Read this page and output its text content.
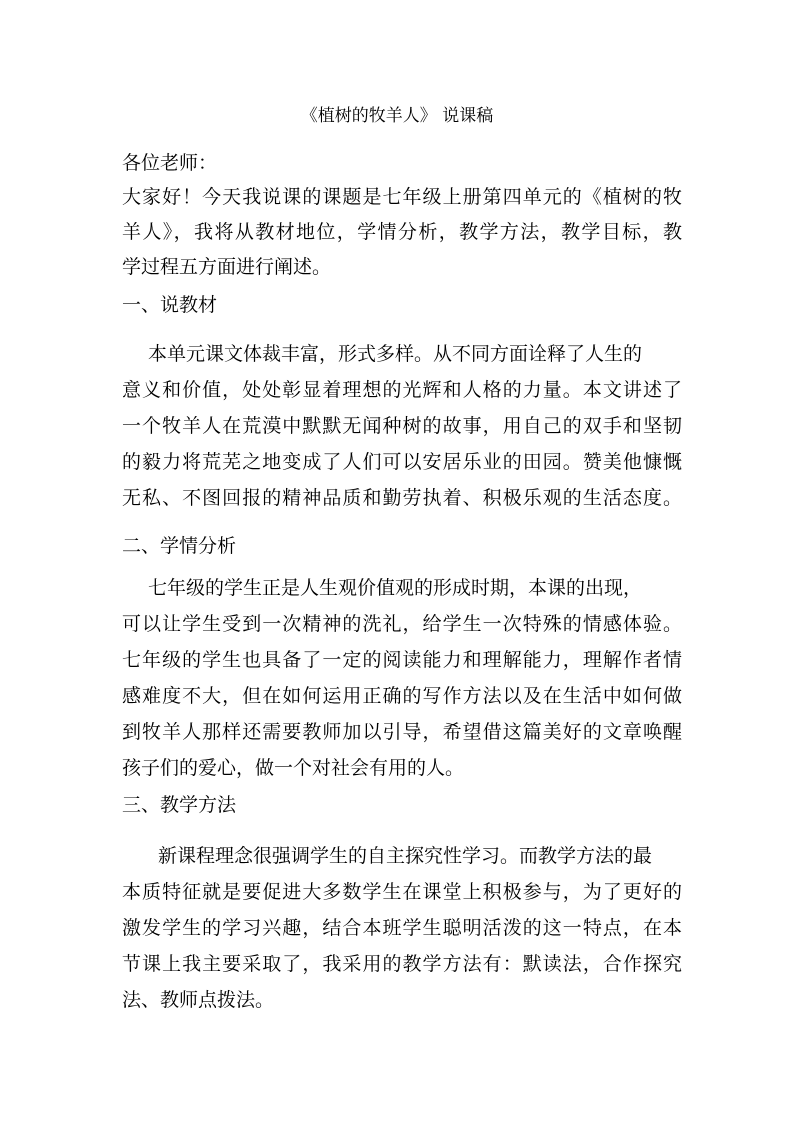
《植树的牧羊人》 说课稿
各位老师：
大家好！今天我说课的课题是七年级上册第四单元的《植树的牧
羊人》，我将从教材地位，学情分析，教学方法，教学目标，教
学过程五方面进行阐述。
一、说教材
本单元课文体裁丰富，形式多样。从不同方面诠释了人生的
意义和价值，处处彰显着理想的光辉和人格的力量。本文讲述了
一个牧羊人在荒漠中默默无闻种树的故事，用自己的双手和坚韧
的毅力将荒芜之地变成了人们可以安居乐业的田园。赞美他慷慨
无私、不图回报的精神品质和勤劳执着、积极乐观的生活态度。
二、学情分析
七年级的学生正是人生观价值观的形成时期，本课的出现，
可以让学生受到一次精神的洗礼，给学生一次特殊的情感体验。
七年级的学生也具备了一定的阅读能力和理解能力，理解作者情
感难度不大，但在如何运用正确的写作方法以及在生活中如何做
到牧羊人那样还需要教师加以引导，希望借这篇美好的文章唤醒
孩子们的爱心，做一个对社会有用的人。
三、教学方法
新课程理念很强调学生的自主探究性学习。而教学方法的最
本质特征就是要促进大多数学生在课堂上积极参与，为了更好的
激发学生的学习兴趣，结合本班学生聪明活泼的这一特点，在本
节课上我主要采取了，我采用的教学方法有：默读法，合作探究
法、教师点拨法。
